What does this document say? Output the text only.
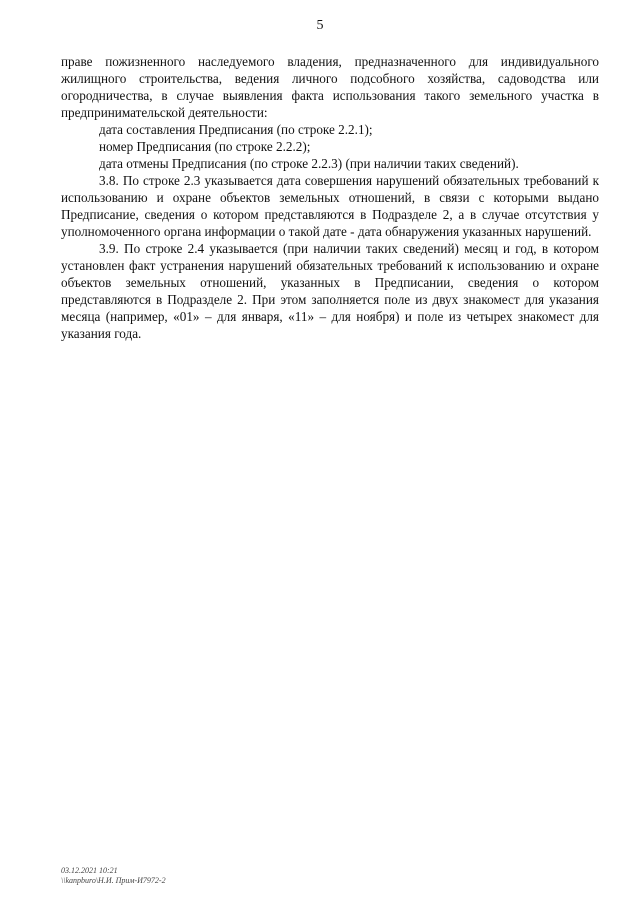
5

праве пожизненного наследуемого владения, предназначенного для индивидуального жилищного строительства, ведения личного подсобного хозяйства, садоводства или огородничества, в случае выявления факта использования такого земельного участка в предпринимательской деятельности:

дата составления Предписания (по строке 2.2.1);

номер Предписания (по строке 2.2.2);

дата отмены Предписания (по строке 2.2.3) (при наличии таких сведений).

3.8. По строке 2.3 указывается дата совершения нарушений обязательных требований к использованию и охране объектов земельных отношений, в связи с которыми выдано Предписание, сведения о котором представляются в Подразделе 2, а в случае отсутствия у уполномоченного органа информации о такой дате - дата обнаружения указанных нарушений.

3.9. По строке 2.4 указывается (при наличии таких сведений) месяц и год, в котором установлен факт устранения нарушений обязательных требований к использованию и охране объектов земельных отношений, указанных в Предписании, сведения о котором представляются в Подразделе 2. При этом заполняется поле из двух знакомест для указания месяца (например, «01» – для января, «11» – для ноября) и поле из четырех знакомест для указания года.

03.12.2021 10:21
\\kanpburo\Н.И. Прим-И7972-2
